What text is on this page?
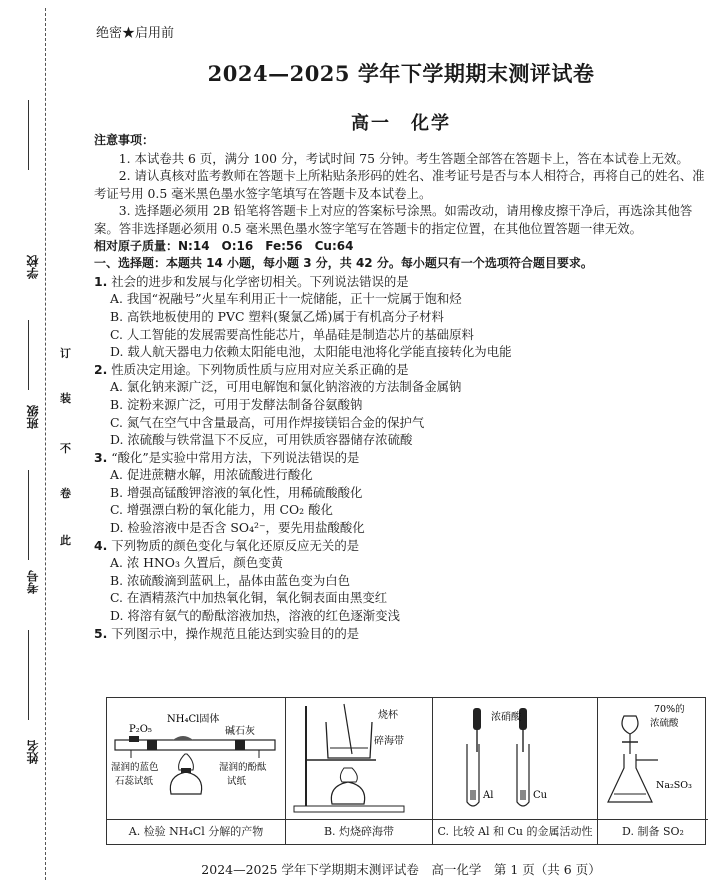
学校
班级
考号
姓名
订
装
不
卷
此
绝密★启用前
2024—2025 学年下学期期末测评试卷
高一　化学
注意事项：

1. 本试卷共 6 页，满分 100 分，考试时间 75 分钟。考生答题全部答在答题卡上，答在本试卷上无效。

2. 请认真核对监考教师在答题卡上所粘贴条形码的姓名、准考证号是否与本人相符合，再将自己的姓名、准考证号用 0.5 毫米黑色墨水签字笔填写在答题卡及本试卷上。

3. 选择题必须用 2B 铅笔将答题卡上对应的答案标号涂黑。如需改动，请用橡皮擦干净后，再选涂其他答案。答非选择题必须用 0.5 毫米黑色墨水签字笔写在答题卡的指定位置，在其他位置答题一律无效。

相对原子质量：N:14　O:16　Fe:56　Cu:64
一、选择题：本题共 14 小题，每小题 3 分，共 42 分。每小题只有一个选项符合题目要求。

1. 社会的进步和发展与化学密切相关。下列说法错误的是

A. 我国“祝融号”火星车利用正十一烷储能，正十一烷属于饱和烃

B. 高铁地板使用的 PVC 塑料(聚氯乙烯)属于有机高分子材料

C. 人工智能的发展需要高性能芯片，单晶硅是制造芯片的基础原料

D. 载人航天器电力依赖太阳能电池，太阳能电池将化学能直接转化为电能

2. 性质决定用途。下列物质性质与应用对应关系正确的是

A. 氯化钠来源广泛，可用电解饱和氯化钠溶液的方法制备金属钠

B. 淀粉来源广泛，可用于发酵法制备谷氨酸钠

C. 氮气在空气中含量最高，可用作焊接镁铝合金的保护气

D. 浓硫酸与铁常温下不反应，可用铁质容器储存浓硫酸

3. “酸化”是实验中常用方法，下列说法错误的是

A. 促进蔗糖水解，用浓硫酸进行酸化

B. 增强高锰酸钾溶液的氧化性，用稀硫酸酸化

C. 增强漂白粉的氧化能力，用 CO₂ 酸化

D. 检验溶液中是否含 SO₄²⁻，要先用盐酸酸化

4. 下列物质的颜色变化与氧化还原反应无关的是

A. 浓 HNO₃ 久置后，颜色变黄

B. 浓硫酸滴到蓝矾上，晶体由蓝色变为白色

C. 在酒精蒸汽中加热氧化铜，氧化铜表面由黑变红

D. 将溶有氨气的酚酞溶液加热，溶液的红色逐渐变浅

5. 下列图示中，操作规范且能达到实验目的的是

P₂O₅
NH₄Cl固体
碱石灰
湿润的蓝色
石蕊试纸
湿润的酚酞
试纸
A. 检验 NH₄Cl 分解的产物
烧杯
碎海带
B. 灼烧碎海带
浓硝酸
Al	Cu
C. 比较 Al 和 Cu 的金属活动性
70%的
浓硫酸
Na₂SO₃
D. 制备 SO₂
2024—2025 学年下学期期末测评试卷　高一化学　第 1 页（共 6 页）
